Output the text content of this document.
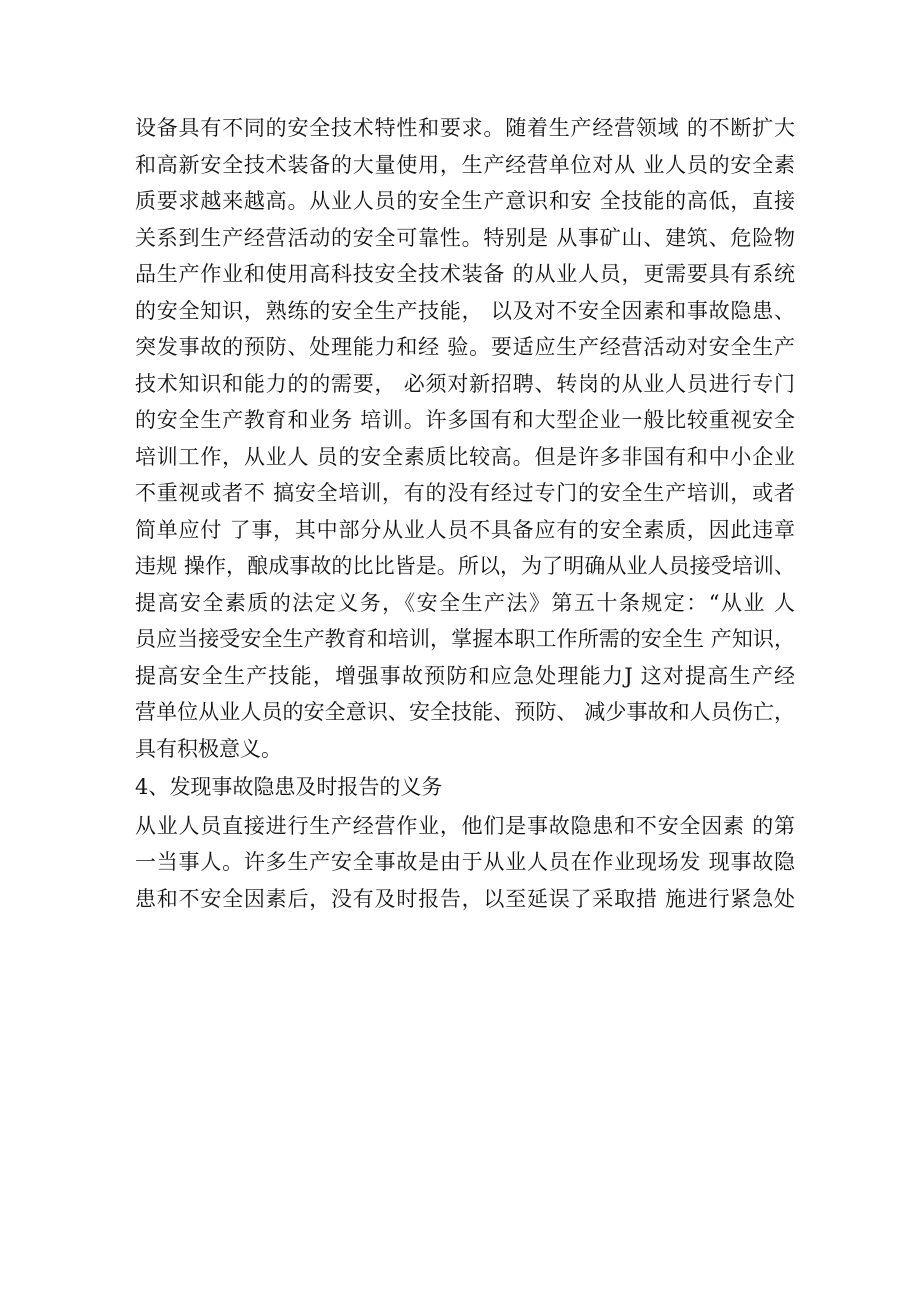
设备具有不同的安全技术特性和要求。随着生产经营领域 的不断扩大
和高新安全技术装备的大量使用，生产经营单位对从 业人员的安全素
质要求越来越高。从业人员的安全生产意识和安 全技能的高低，直接
关系到生产经营活动的安全可靠性。特别是 从事矿山、建筑、危险物
品生产作业和使用高科技安全技术装备 的从业人员，更需要具有系统
的安全知识，熟练的安全生产技能， 以及对不安全因素和事故隐患、
突发事故的预防、处理能力和经 验。要适应生产经营活动对安全生产
技术知识和能力的的需要， 必须对新招聘、转岗的从业人员进行专门
的安全生产教育和业务 培训。许多国有和大型企业一般比较重视安全
培训工作，从业人 员的安全素质比较高。但是许多非国有和中小企业
不重视或者不 搞安全培训，有的没有经过专门的安全生产培训，或者
简单应付 了事，其中部分从业人员不具备应有的安全素质，因此违章
违规 操作，酿成事故的比比皆是。所以，为了明确从业人员接受培训、
提高安全素质的法定义务，《安全生产法》第五十条规定：“从业 人
员应当接受安全生产教育和培训，掌握本职工作所需的安全生 产知识，
提高安全生产技能，增强事故预防和应急处理能力J 这对提高生产经
营单位从业人员的安全意识、安全技能、预防、 减少事故和人员伤亡，
具有积极意义。
4、发现事故隐患及时报告的义务
从业人员直接进行生产经营作业，他们是事故隐患和不安全因素 的第
一当事人。许多生产安全事故是由于从业人员在作业现场发 现事故隐
患和不安全因素后，没有及时报告，以至延误了采取措 施进行紧急处
